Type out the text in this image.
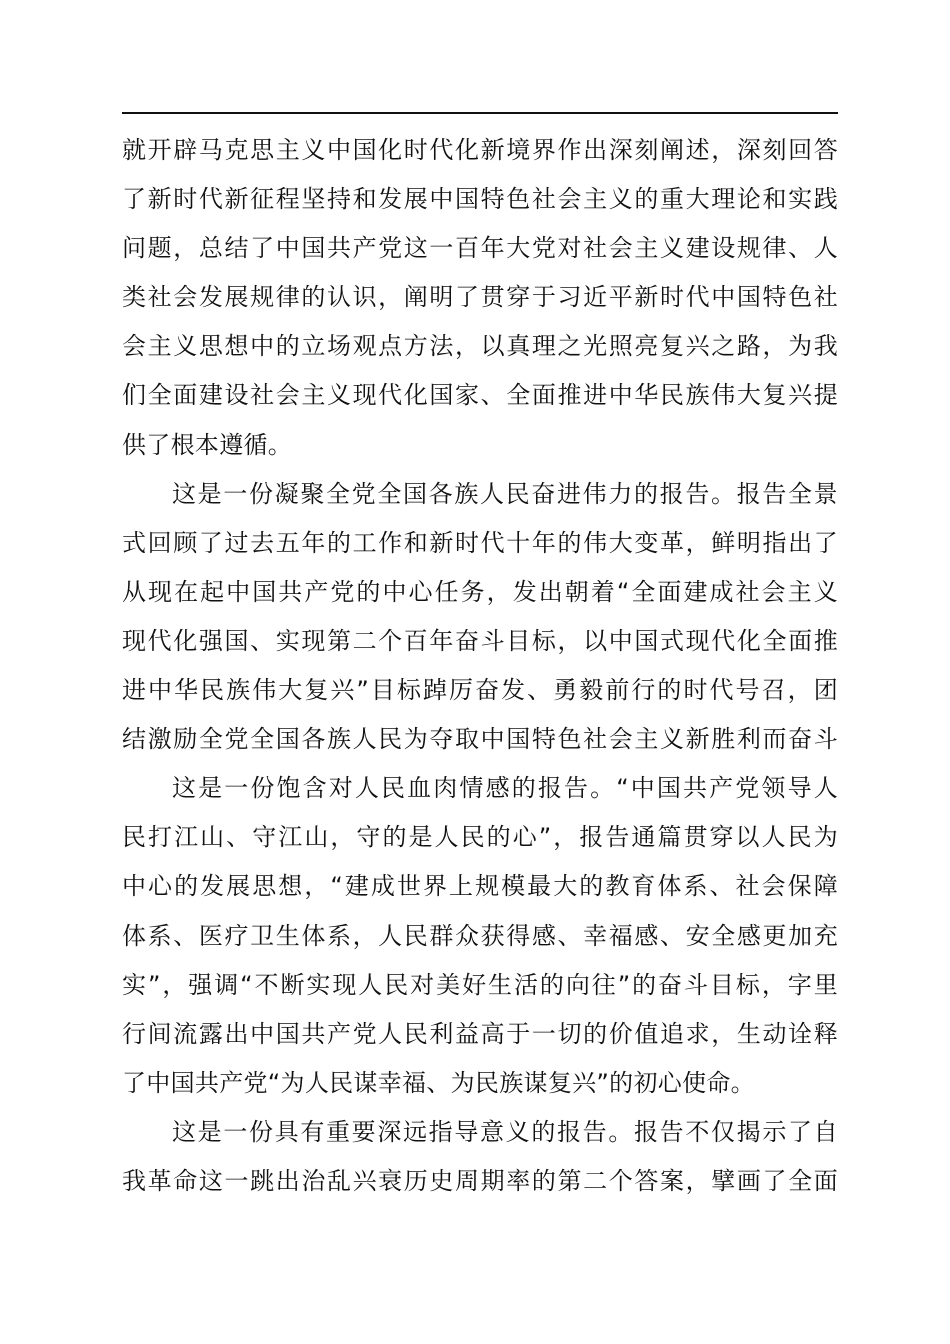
就开辟马克思主义中国化时代化新境界作出深刻阐述，深刻回答
了新时代新征程坚持和发展中国特色社会主义的重大理论和实践
问题，总结了中国共产党这一百年大党对社会主义建设规律、人
类社会发展规律的认识，阐明了贯穿于习近平新时代中国特色社
会主义思想中的立场观点方法，以真理之光照亮复兴之路，为我
们全面建设社会主义现代化国家、全面推进中华民族伟大复兴提
供了根本遵循。
这是一份凝聚全党全国各族人民奋进伟力的报告。报告全景
式回顾了过去五年的工作和新时代十年的伟大变革，鲜明指出了
从现在起中国共产党的中心任务，发出朝着“全面建成社会主义
现代化强国、实现第二个百年奋斗目标，以中国式现代化全面推
进中华民族伟大复兴”目标踔厉奋发、勇毅前行的时代号召，团
结激励全党全国各族人民为夺取中国特色社会主义新胜利而奋斗
这是一份饱含对人民血肉情感的报告。“中国共产党领导人
民打江山、守江山，守的是人民的心”，报告通篇贯穿以人民为
中心的发展思想，“建成世界上规模最大的教育体系、社会保障
体系、医疗卫生体系，人民群众获得感、幸福感、安全感更加充
实”，强调“不断实现人民对美好生活的向往”的奋斗目标，字里
行间流露出中国共产党人民利益高于一切的价值追求，生动诠释
了中国共产党“为人民谋幸福、为民族谋复兴”的初心使命。
这是一份具有重要深远指导意义的报告。报告不仅揭示了自
我革命这一跳出治乱兴衰历史周期率的第二个答案，擘画了全面
